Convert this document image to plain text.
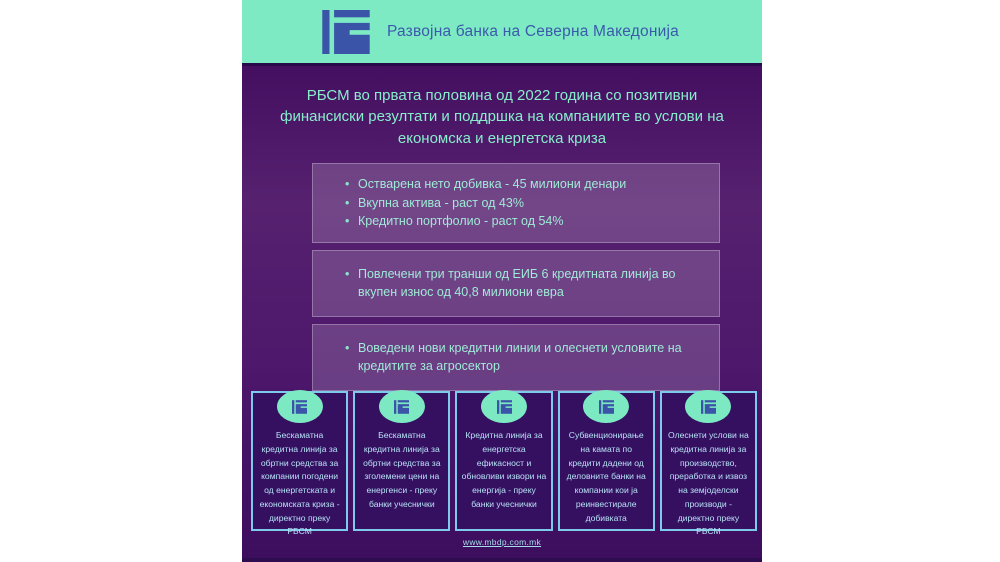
Развојна банка на Северна Македонија
РБСМ во првата половина од 2022 година со позитивни финансиски резултати и поддршка на компаниите во услови на економска и енергетска криза
• Остварена нето добивка - 45 милиони денари
• Вкупна актива - раст од 43%
• Кредитно портфолио - раст од 54%
• Повлечени три транши од ЕИБ 6 кредитната линија во вкупен износ од 40,8 милиони евра
• Воведени нови кредитни линии и олеснети условите на кредитите за агросектор
Бескаматна кредитна линија за обртни средства за компании погодени од енергетската и економската криза - директно преку РБСМ
Бескаматна кредитна линија за обртни средства за зголемени цени на енергенси - преку банки учеснички
Кредитна линија за енергетска ефикасност и обновливи извори на енергија - преку банки учеснички
Субвенционирање на камата по кредити дадени од деловните банки на компании кои ја реинвестирале добивката
Олеснети услови на кредитна линија за производство, преработка и извоз на земјоделски производи - директно преку РБСМ
www.mbdp.com.mk
